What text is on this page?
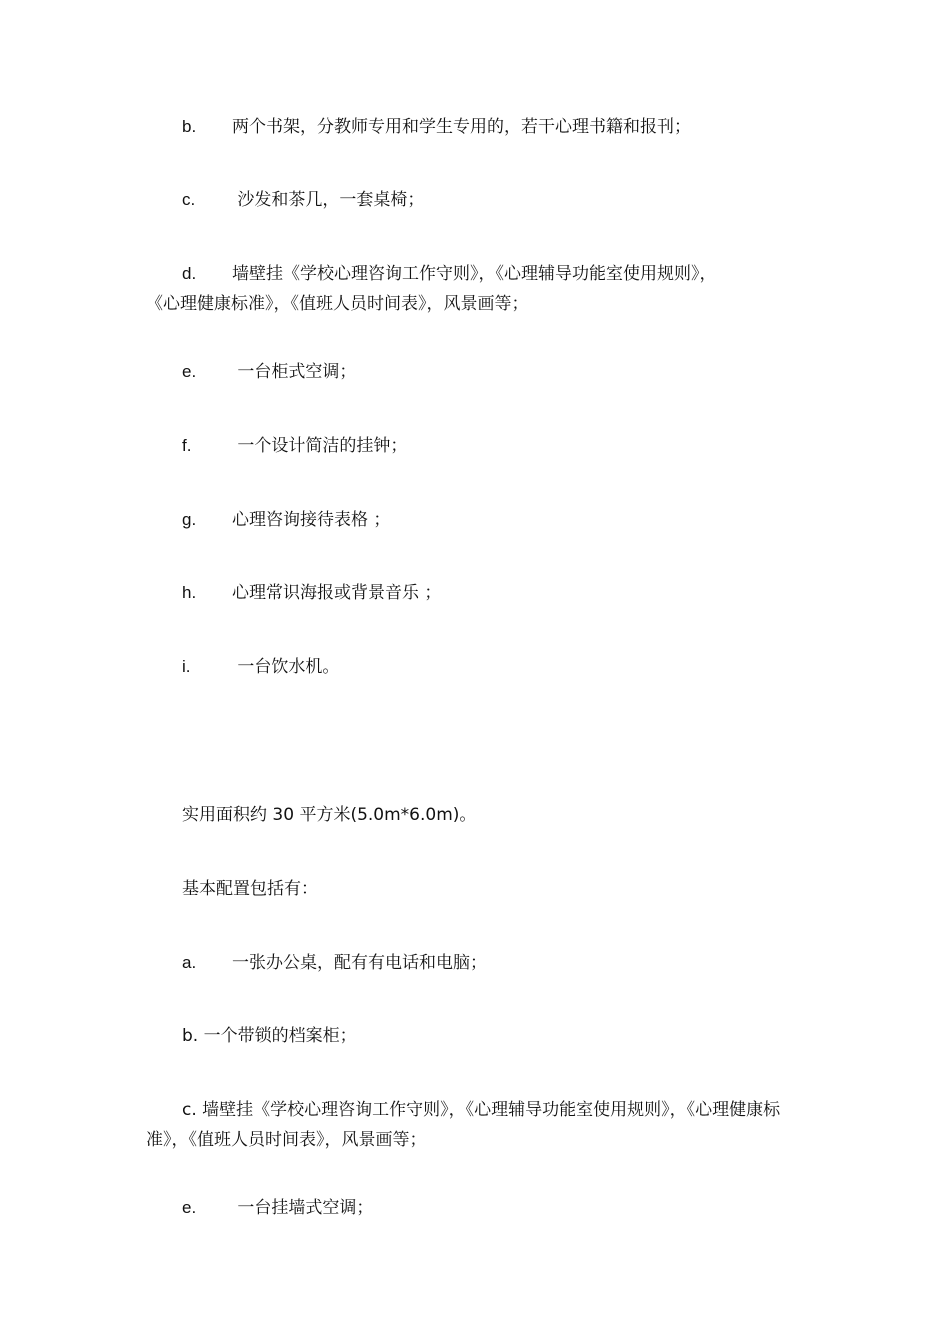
b. 两个书架，分教师专用和学生专用的，若干心理书籍和报刊；
c. 沙发和茶几，一套桌椅；
d. 墙壁挂《学校心理咨询工作守则》，《心理辅导功能室使用规则》，
《心理健康标准》，《值班人员时间表》，风景画等；
e. 一台柜式空调；
f. 一个设计简洁的挂钟；
g. 心理咨询接待表格 ；
h. 心理常识海报或背景音乐 ；
i. 一台饮水机。
实用面积约 30 平方米(5.0m*6.0m)。
基本配置包括有：
a. 一张办公桌，配有有电话和电脑；
b. 一个带锁的档案柜；
c. 墙壁挂《学校心理咨询工作守则》，《心理辅导功能室使用规则》，《心理健康标准》，《值班人员时间表》，风景画等；
e. 一台挂墙式空调；
